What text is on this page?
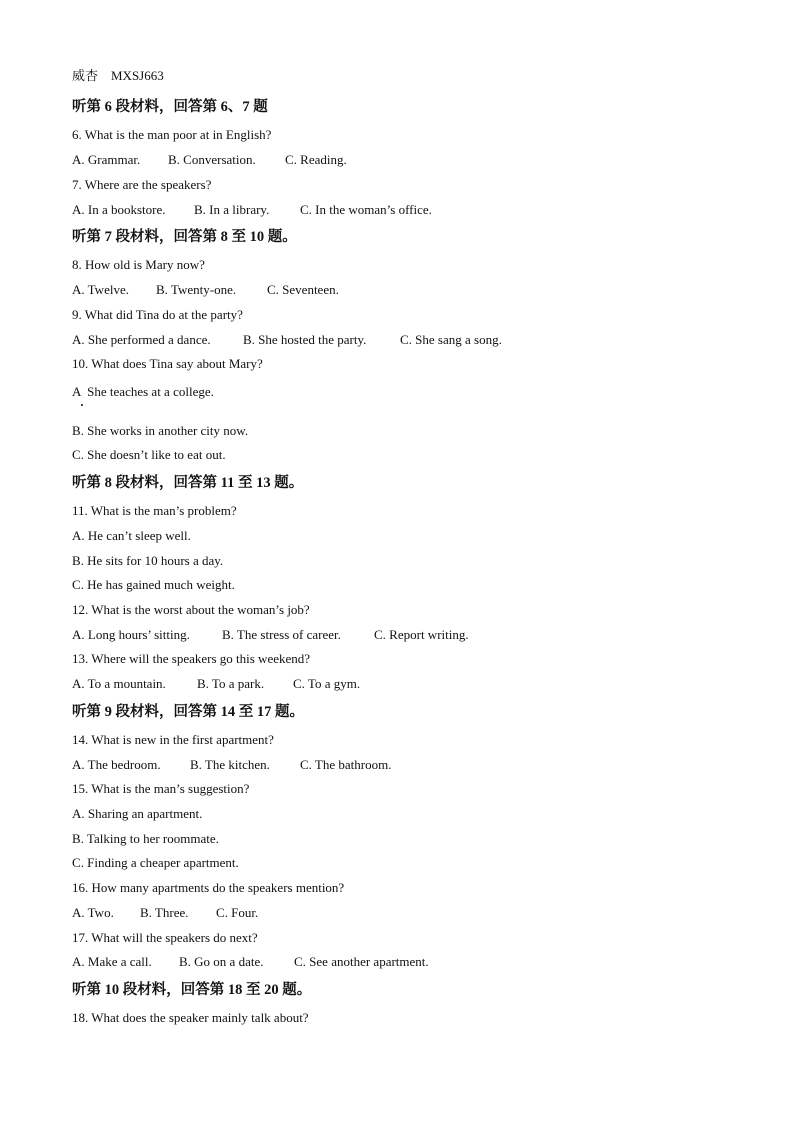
威杏    MXSJ663
听第 6 段材料，回答第 6、7 题
6. What is the man poor at in English?
A. Grammar. B. Conversation. C. Reading.
7. Where are the speakers?
A. In a bookstore. B. In a library. C. In the woman’s office.
听第 7 段材料，回答第 8 至 10 题。
8. How old is Mary now?
A. Twelve. B. Twenty-one. C. Seventeen.
9. What did Tina do at the party?
A. She performed a dance. B. She hosted the party.	C. She sang a song.
10. What does Tina say about Mary?
A  She teaches at a college.
B. She works in another city now.
C. She doesn’t like to eat out.
听第 8 段材料，回答第 11 至 13 题。
11. What is the man’s problem?
A. He can’t sleep well.
B. He sits for 10 hours a day.
C. He has gained much weight.
12. What is the worst about the woman’s job?
A. Long hours’ sitting. B. The stress of career.	C. Report writing.
13. Where will the speakers go this weekend?
A. To a mountain. B. To a park. C. To a gym.
听第 9 段材料，回答第 14 至 17 题。
14. What is new in the first apartment?
A. The bedroom. B. The kitchen. C. The bathroom.
15. What is the man’s suggestion?
A. Sharing an apartment.
B. Talking to her roommate.
C. Finding a cheaper apartment.
16. How many apartments do the speakers mention?
A. Two. B. Three. C. Four.
17. What will the speakers do next?
A. Make a call. B. Go on a date. C. See another apartment.
听第 10 段材料，回答第 18 至 20 题。
18. What does the speaker mainly talk about?
